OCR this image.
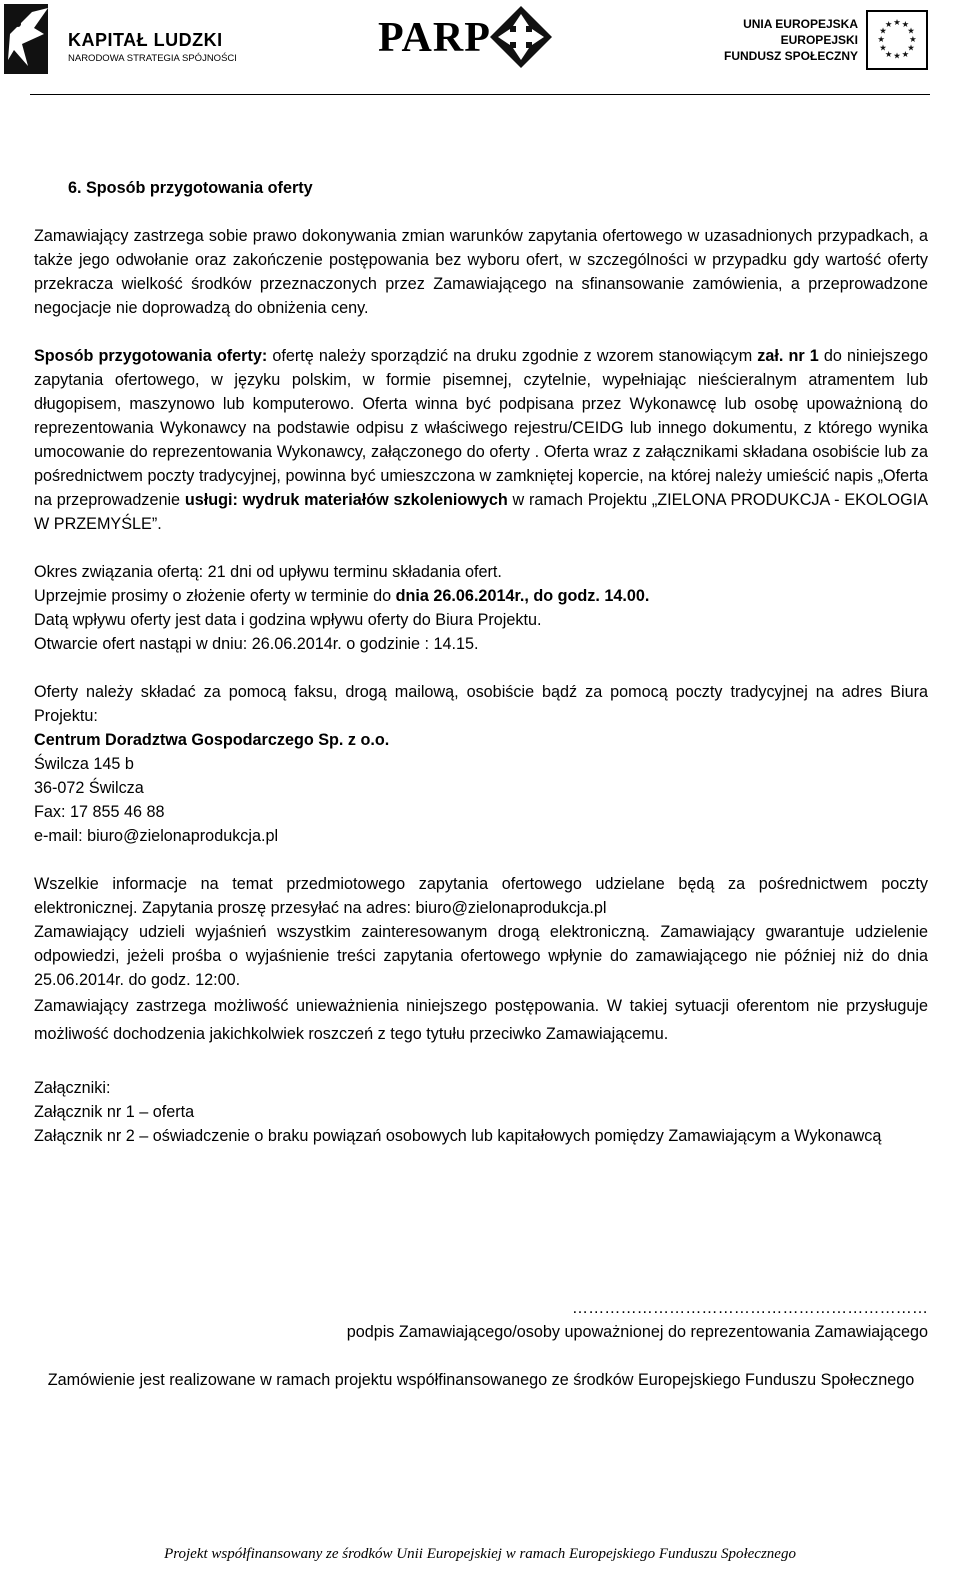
KAPITAŁ LUDZKI
NARODOWA STRATEGIA SPÓJNOŚCI	PARP	UNIA EUROPEJSKA
EUROPEJSKI
FUNDUSZ SPOŁECZNY
★ ★
★
★
★
★
★
★
★
★
★
★

6. Sposób przygotowania oferty

Zamawiający zastrzega sobie prawo dokonywania zmian warunków zapytania ofertowego w uzasadnionych przypadkach, a także jego odwołanie oraz zakończenie postępowania bez wyboru ofert, w szczególności w przypadku gdy wartość oferty przekracza wielkość środków przeznaczonych przez Zamawiającego na sfinansowanie zamówienia, a przeprowadzone negocjacje nie doprowadzą do obniżenia ceny.

Sposób przygotowania oferty: ofertę należy sporządzić na druku zgodnie z wzorem stanowiącym zał. nr 1 do niniejszego zapytania ofertowego, w języku polskim, w formie pisemnej, czytelnie, wypełniając nieścieralnym atramentem lub długopisem, maszynowo lub komputerowo. Oferta winna być podpisana przez Wykonawcę lub osobę upoważnioną do reprezentowania Wykonawcy na podstawie odpisu z właściwego rejestru/CEIDG lub innego dokumentu, z którego wynika umocowanie do reprezentowania Wykonawcy, załączonego do oferty . Oferta wraz z załącznikami składana osobiście lub za pośrednictwem poczty tradycyjnej, powinna być umieszczona w zamkniętej kopercie, na której należy umieścić napis „Oferta na przeprowadzenie usługi: wydruk materiałów szkoleniowych w ramach Projektu „ZIELONA PRODUKCJA - EKOLOGIA W PRZEMYŚLE”.

Okres związania ofertą: 21 dni od upływu terminu składania ofert.
Uprzejmie prosimy o złożenie oferty w terminie do dnia 26.06.2014r., do godz. 14.00.
Datą wpływu oferty jest data i godzina wpływu oferty do Biura Projektu.
Otwarcie ofert nastąpi w dniu: 26.06.2014r. o godzinie : 14.15.

Oferty należy składać za pomocą faksu, drogą mailową, osobiście bądź za pomocą poczty tradycyjnej na adres Biura Projektu:
Centrum Doradztwa Gospodarczego Sp. z o.o.
Świlcza 145 b
36-072 Świlcza
Fax: 17 855 46 88
e-mail: biuro@zielonaprodukcja.pl

Wszelkie informacje na temat przedmiotowego zapytania ofertowego udzielane będą za pośrednictwem poczty elektronicznej. Zapytania proszę przesyłać na adres: biuro@zielonaprodukcja.pl
Zamawiający udzieli wyjaśnień wszystkim zainteresowanym drogą elektroniczną. Zamawiający gwarantuje udzielenie odpowiedzi, jeżeli prośba o wyjaśnienie treści zapytania ofertowego wpłynie do zamawiającego nie później niż do dnia 25.06.2014r. do godz. 12:00.
Zamawiający zastrzega możliwość unieważnienia niniejszego postępowania. W takiej sytuacji oferentom nie przysługuje możliwość dochodzenia jakichkolwiek roszczeń z tego tytułu przeciwko Zamawiającemu.

Załączniki:
Załącznik nr 1 – oferta
Załącznik nr 2 – oświadczenie o braku powiązań osobowych lub kapitałowych pomiędzy Zamawiającym a Wykonawcą

…………………………………………………………
podpis Zamawiającego/osoby upoważnionej do reprezentowania Zamawiającego
Zamówienie jest realizowane w ramach projektu współfinansowanego ze środków Europejskiego Funduszu Społecznego
Projekt współfinansowany ze środków Unii Europejskiej w ramach Europejskiego Funduszu Społecznego
